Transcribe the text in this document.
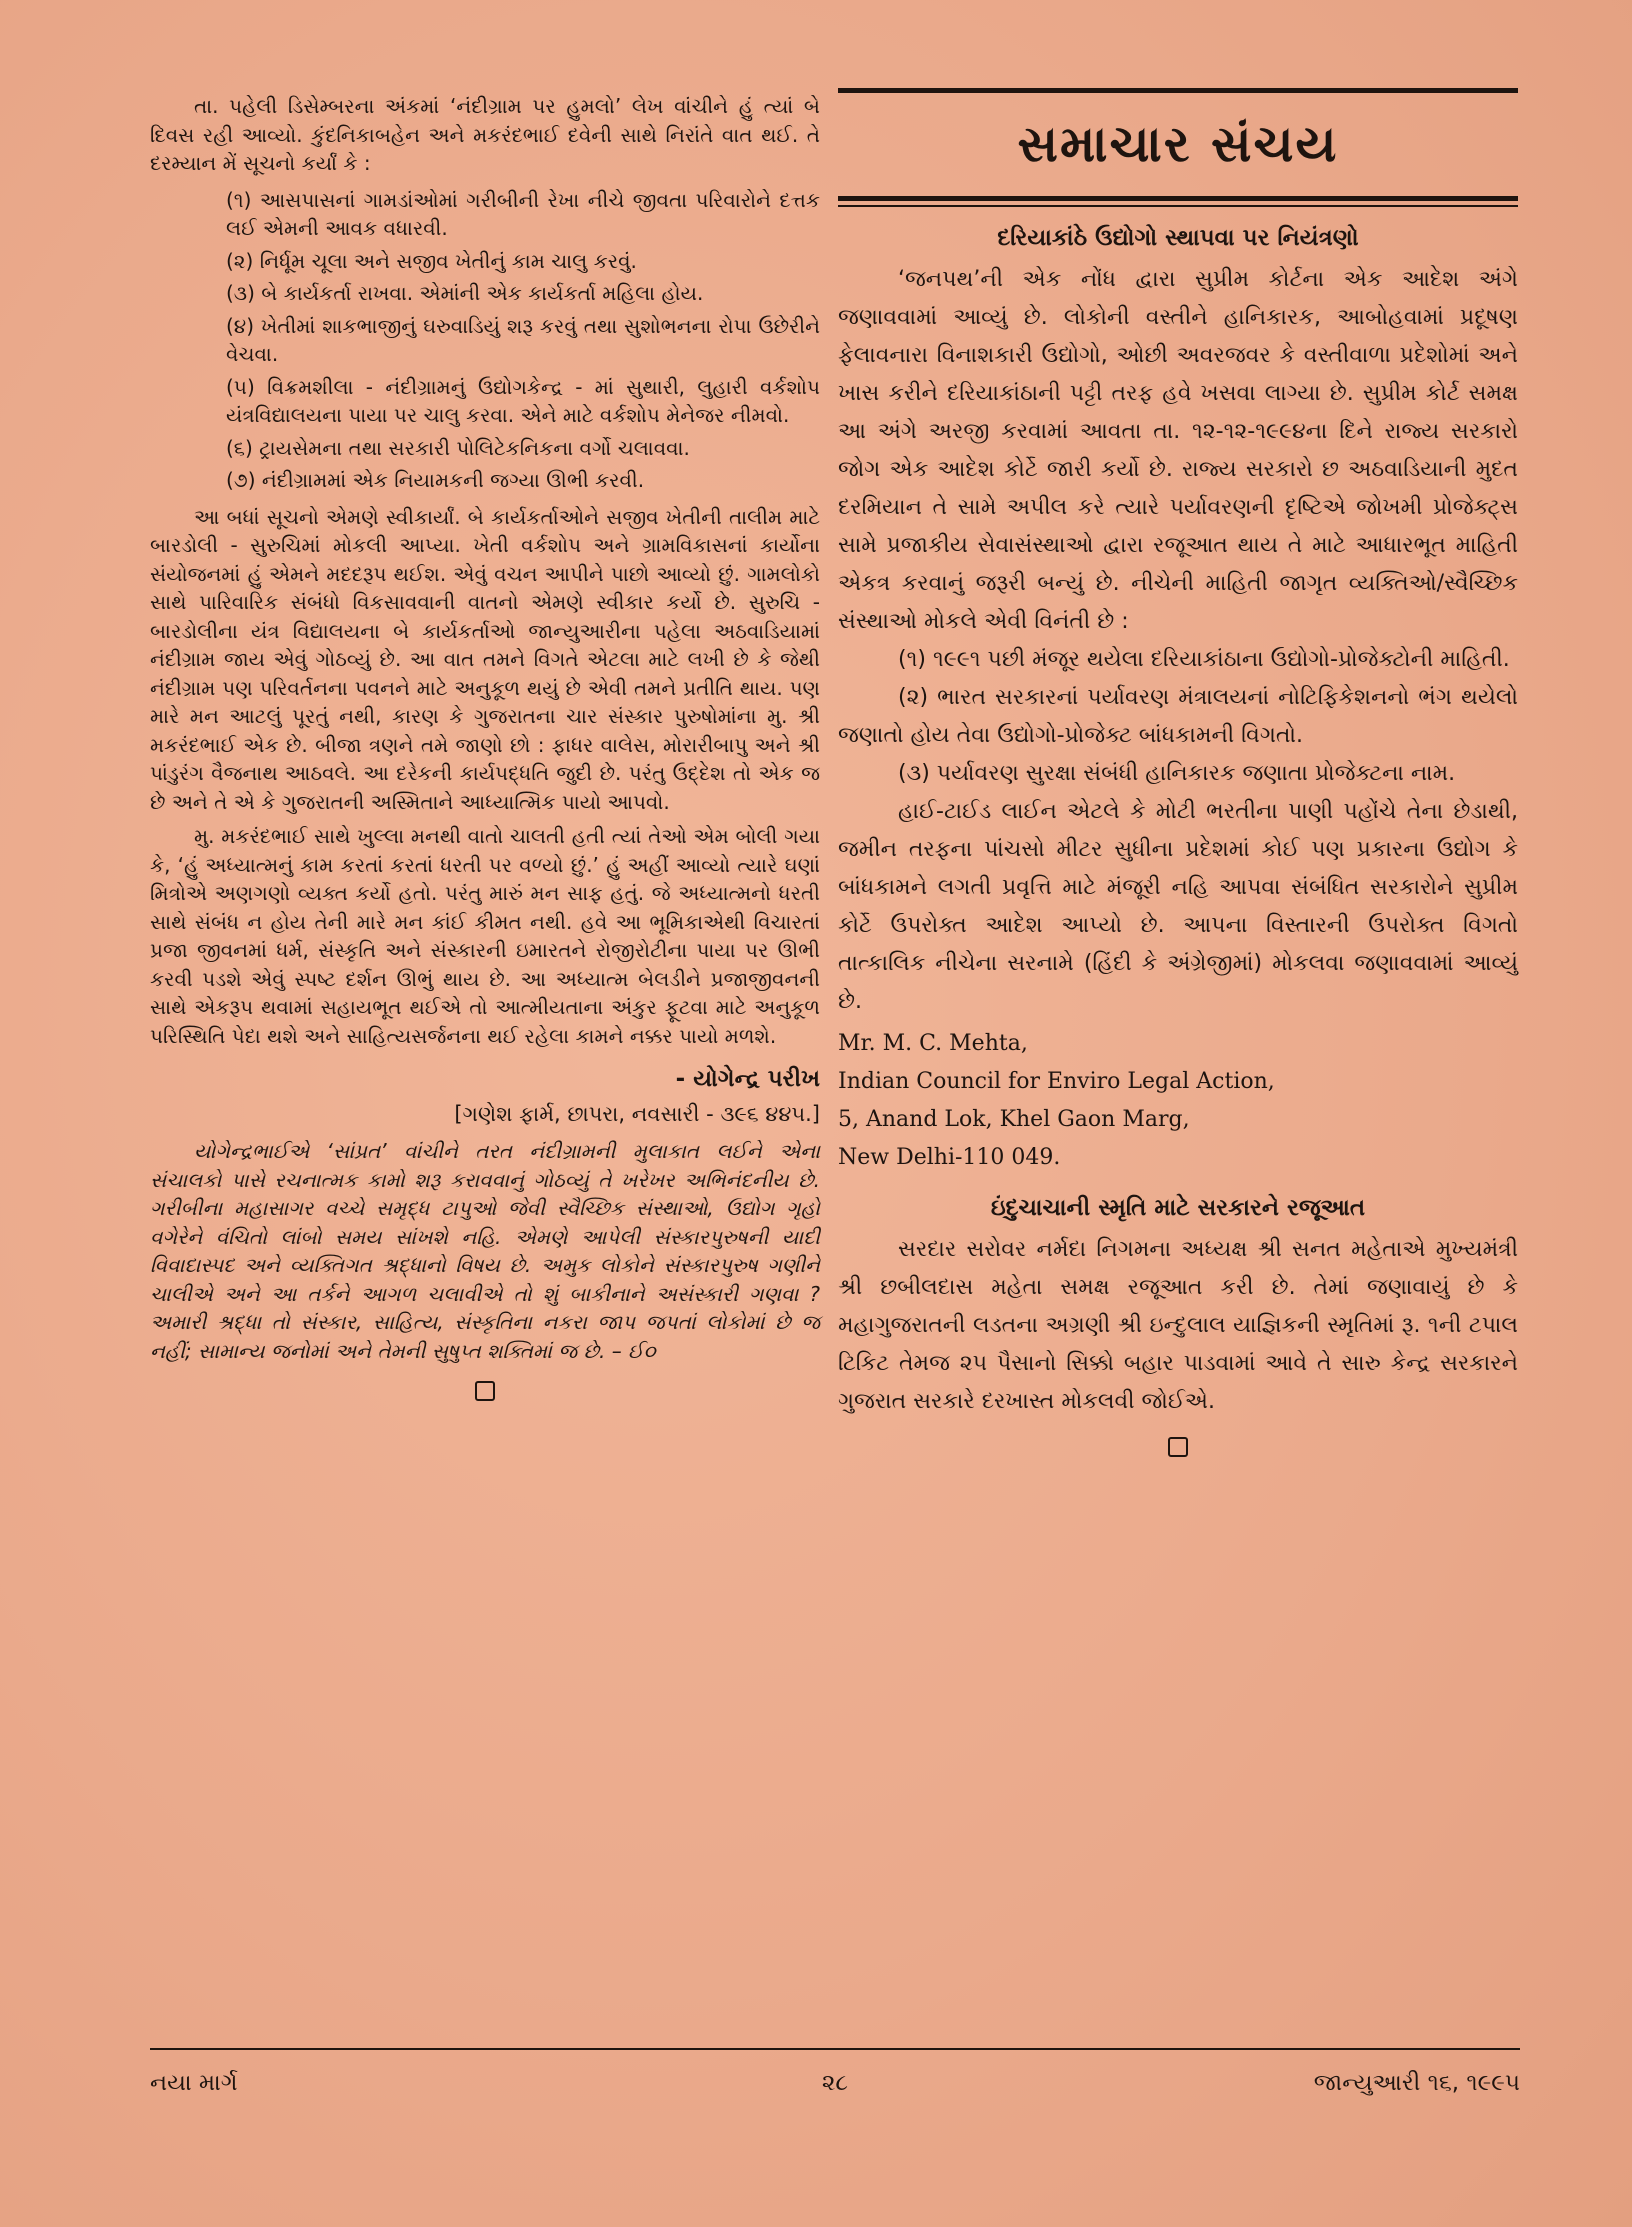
તા. પહેલી ડિસેમ્બરના અંકમાં ‘નંદીગ્રામ પર હુમલો’ લેખ વાંચીને હું ત્યાં બે દિવસ રહી આવ્યો. કુંદનિકાબહેન અને મકરંદભાઈ દવેની સાથે નિરાંતે વાત થઈ. તે દરમ્યાન મેં સૂચનો કર્યાં કે :

(૧) આસપાસનાં ગામડાંઓમાં ગરીબીની રેખા નીચે જીવતા પરિવારોને દત્તક લઈ એમની આવક વધારવી.

(૨) નિર્ધૂમ ચૂલા અને સજીવ ખેતીનું કામ ચાલુ કરવું.

(૩) બે કાર્યકર્તા રાખવા. એમાંની એક કાર્યકર્તા મહિલા હોય.

(૪) ખેતીમાં શાકભાજીનું ઘરુવાડિયું શરૂ કરવું તથા સુશોભનના રોપા ઉછેરીને વેચવા.

(૫) વિક્રમશીલા - નંદીગ્રામનું ઉદ્યોગકેન્દ્ર - માં સુથારી, લુહારી વર્કશોપ યંત્રવિદ્યાલયના પાયા પર ચાલુ કરવા. એને માટે વર્કશોપ મેનેજર નીમવો.

(૬) ટ્રાયસેમના તથા સરકારી પોલિટેકનિકના વર્ગો ચલાવવા.

(૭) નંદીગ્રામમાં એક નિયામકની જગ્યા ઊભી કરવી.

આ બધાં સૂચનો એમણે સ્વીકાર્યાં. બે કાર્યકર્તાઓને સજીવ ખેતીની તાલીમ માટે બારડોલી - સુરુચિમાં મોકલી આપ્યા. ખેતી વર્કશોપ અને ગ્રામવિકાસનાં કાર્યોના સંયોજનમાં હું એમને મદદરૂપ થઈશ. એવું વચન આપીને પાછો આવ્યો છું. ગામલોકો સાથે પારિવારિક સંબંધો વિકસાવવાની વાતનો એમણે સ્વીકાર કર્યો છે. સુરુચિ - બારડોલીના યંત્ર વિદ્યાલયના બે કાર્યકર્તાઓ જાન્યુઆરીના પહેલા અઠવાડિયામાં નંદીગ્રામ જાય એવું ગોઠવ્યું છે. આ વાત તમને વિગતે એટલા માટે લખી છે કે જેથી નંદીગ્રામ પણ પરિવર્તનના પવનને માટે અનુકૂળ થયું છે એવી તમને પ્રતીતિ થાય. પણ મારે મન આટલું પૂરતું નથી, કારણ કે ગુજરાતના ચાર સંસ્કાર પુરુષોમાંના મુ. શ્રી મકરંદભાઈ એક છે. બીજા ત્રણને તમે જાણો છો : ફાધર વાલેસ, મોરારીબાપુ અને શ્રી પાંડુરંગ વૈજનાથ આઠવલે. આ દરેકની કાર્યપદ્ધતિ જુદી છે. પરંતુ ઉદ્દેશ તો એક જ છે અને તે એ કે ગુજરાતની અસ્મિતાને આધ્યાત્મિક પાયો આપવો.

મુ. મકરંદભાઈ સાથે ખુલ્લા મનથી વાતો ચાલતી હતી ત્યાં તેઓ એમ બોલી ગયા કે, ‘હું અધ્યાત્મનું કામ કરતાં કરતાં ધરતી પર વળ્યો છું.’ હું અહીં આવ્યો ત્યારે ઘણાં મિત્રોએ અણગણો વ્યક્ત કર્યો હતો. પરંતુ મારું મન સાફ હતું. જે અધ્યાત્મનો ધરતી સાથે સંબંધ ન હોય તેની મારે મન કાંઈ કીમત નથી. હવે આ ભૂમિકાએથી વિચારતાં પ્રજા જીવનમાં ધર્મ, સંસ્કૃતિ અને સંસ્કારની ઇમારતને રોજીરોટીના પાયા પર ઊભી કરવી પડશે એવું સ્પષ્ટ દર્શન ઊભું થાય છે. આ અધ્યાત્મ બેલડીને પ્રજાજીવનની સાથે એકરૂપ થવામાં સહાયભૂત થઈએ તો આત્મીયતાના અંકુર ફૂટવા માટે અનુકૂળ પરિસ્થિતિ પેદા થશે અને સાહિત્યસર્જનના થઈ રહેલા કામને નક્કર પાયો મળશે.

- યોગેન્દ્ર પરીખ

[ગણેશ ફાર્મ, છાપરા, નવસારી - ૩૯૬ ૪૪૫.]

યોગેન્દ્રભાઈએ ‘સાંપ્રત’ વાંચીને તરત નંદીગ્રામની મુલાકાત લઈને એના સંચાલકો પાસે રચનાત્મક કામો શરૂ કરાવવાનું ગોઠવ્યું તે ખરેખર અભિનંદનીય છે. ગરીબીના મહાસાગર વચ્ચે સમૃદ્ધ ટાપુઓ જેવી સ્વૈચ્છિક સંસ્થાઓ, ઉદ્યોગ ગૃહો વગેરેને વંચિતો લાંબો સમય સાંખશે નહિ. એમણે આપેલી સંસ્કારપુરુષની યાદી વિવાદાસ્પદ અને વ્યક્તિગત શ્રદ્ધાનો વિષય છે. અમુક લોકોને સંસ્કારપુરુષ ગણીને ચાલીએ અને આ તર્કને આગળ ચલાવીએ તો શું બાકીનાને અસંસ્કારી ગણવા ? અમારી શ્રદ્ધા તો સંસ્કાર, સાહિત્ય, સંસ્કૃતિના નકરા જાપ જપતાં લોકોમાં છે જ નહીં; સામાન્ય જનોમાં અને તેમની સુષુપ્ત શક્તિમાં જ છે. – ઈ૦

સમાચાર સંચય
દરિયાકાંઠે ઉદ્યોગો સ્થાપવા પર નિયંત્રણો

‘જનપથ’ની એક નોંધ દ્વારા સુપ્રીમ કોર્ટના એક આદેશ અંગે જણાવવામાં આવ્યું છે. લોકોની વસ્તીને હાનિકારક, આબોહવામાં પ્રદૂષણ ફેલાવનારા વિનાશકારી ઉદ્યોગો, ઓછી અવરજવર કે વસ્તીવાળા પ્રદેશોમાં અને ખાસ કરીને દરિયાકાંઠાની પટ્ટી તરફ હવે ખસવા લાગ્યા છે. સુપ્રીમ કોર્ટ સમક્ષ આ અંગે અરજી કરવામાં આવતા તા. ૧૨-૧૨-૧૯૯૪ના દિને રાજ્ય સરકારો જોગ એક આદેશ કોર્ટે જારી કર્યો છે. રાજ્ય સરકારો છ અઠવાડિયાની મુદત દરમિયાન તે સામે અપીલ કરે ત્યારે પર્યાવરણની દૃષ્ટિએ જોખમી પ્રોજેક્ટ્સ સામે પ્રજાકીય સેવાસંસ્થાઓ દ્વારા રજૂઆત થાય તે માટે આધારભૂત માહિતી એકત્ર કરવાનું જરૂરી બન્યું છે. નીચેની માહિતી જાગૃત વ્યક્તિઓ/સ્વૈચ્છિક સંસ્થાઓ મોકલે એવી વિનંતી છે :

(૧) ૧૯૯૧ પછી મંજૂર થયેલા દરિયાકાંઠાના ઉદ્યોગો-પ્રોજેક્ટોની માહિતી.

(૨) ભારત સરકારનાં પર્યાવરણ મંત્રાલયનાં નોટિફિકેશનનો ભંગ થયેલો જણાતો હોય તેવા ઉદ્યોગો-પ્રોજેક્ટ બાંધકામની વિગતો.

(૩) પર્યાવરણ સુરક્ષા સંબંધી હાનિકારક જણાતા પ્રોજેક્ટના નામ.

હાઈ-ટાઈડ લાઈન એટલે કે મોટી ભરતીના પાણી પહોંચે તેના છેડાથી, જમીન તરફના પાંચસો મીટર સુધીના પ્રદેશમાં કોઈ પણ પ્રકારના ઉદ્યોગ કે બાંધકામને લગતી પ્રવૃત્તિ માટે મંજૂરી નહિ આપવા સંબંધિત સરકારોને સુપ્રીમ કોર્ટે ઉપરોક્ત આદેશ આપ્યો છે. આપના વિસ્તારની ઉપરોક્ત વિગતો તાત્કાલિક નીચેના સરનામે (હિંદી કે અંગ્રેજીમાં) મોકલવા જણાવવામાં આવ્યું છે.

Mr. M. C. Mehta,

Indian Council for Enviro Legal Action,

5, Anand Lok, Khel Gaon Marg,

New Delhi-110 049.

ઇંદુચાચાની સ્મૃતિ માટે સરકારને રજૂઆત

સરદાર સરોવર નર્મદા નિગમના અધ્યક્ષ શ્રી સનત મહેતાએ મુખ્યમંત્રી શ્રી છબીલદાસ મહેતા સમક્ષ રજૂઆત કરી છે. તેમાં જણાવાયું છે કે મહાગુજરાતની લડતના અગ્રણી શ્રી ઇન્દુલાલ યાજ્ઞિકની સ્મૃતિમાં રૂ. ૧ની ટપાલ ટિકિટ તેમજ ૨૫ પૈસાનો સિક્કો બહાર પાડવામાં આવે તે સારુ કેન્દ્ર સરકારને ગુજરાત સરકારે દરખાસ્ત મોકલવી જોઈએ.

નયા માર્ગ	૨૮	જાન્યુઆરી ૧૬, ૧૯૯૫
